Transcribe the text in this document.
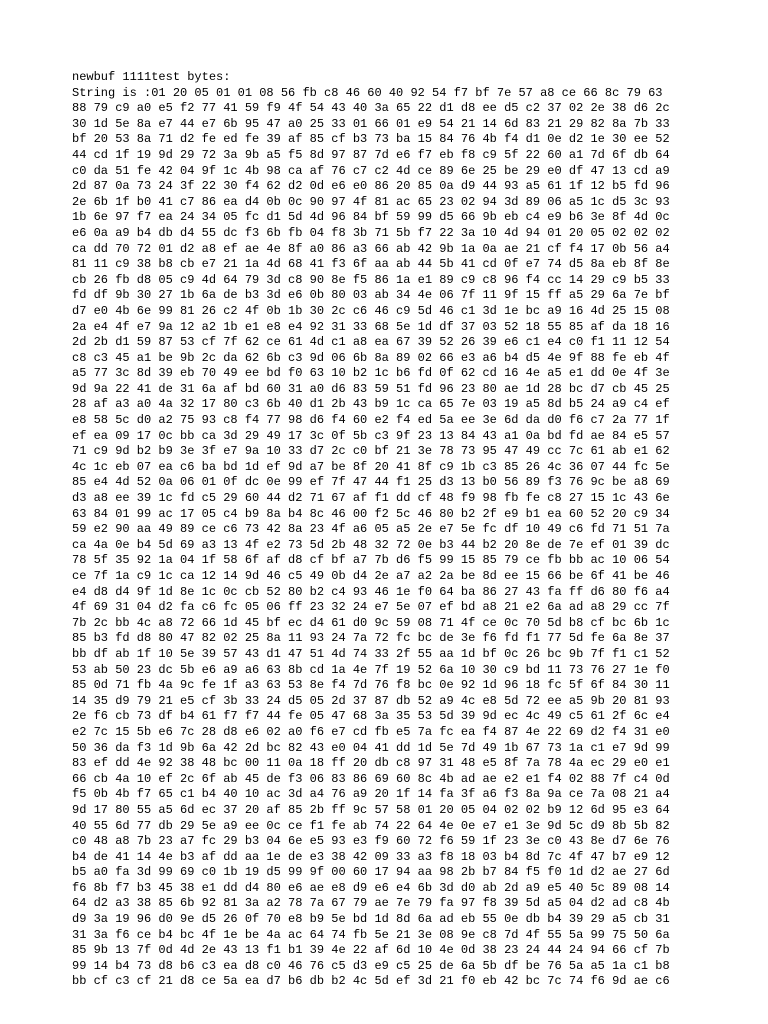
newbuf 1111test bytes:
String is :01 20 05 01 01 08 56 fb c8 46 60 40 92 54 f7 bf 7e 57 a8 ce 66 8c 79 63
88 79 c9 a0 e5 f2 77 41 59 f9 4f 54 43 40 3a 65 22 d1 d8 ee d5 c2 37 02 2e 38 d6 2c
30 1d 5e 8a e7 44 e7 6b 95 47 a0 25 33 01 66 01 e9 54 21 14 6d 83 21 29 82 8a 7b 33
bf 20 53 8a 71 d2 fe ed fe 39 af 85 cf b3 73 ba 15 84 76 4b f4 d1 0e d2 1e 30 ee 52
44 cd 1f 19 9d 29 72 3a 9b a5 f5 8d 97 87 7d e6 f7 eb f8 c9 5f 22 60 a1 7d 6f db 64
c0 da 51 fe 42 04 9f 1c 4b 98 ca af 76 c7 c2 4d ce 89 6e 25 be 29 e0 df 47 13 cd a9
2d 87 0a 73 24 3f 22 30 f4 62 d2 0d e6 e0 86 20 85 0a d9 44 93 a5 61 1f 12 b5 fd 96
2e 6b 1f b0 41 c7 86 ea d4 0b 0c 90 97 4f 81 ac 65 23 02 94 3d 89 06 a5 1c d5 3c 93
1b 6e 97 f7 ea 24 34 05 fc d1 5d 4d 96 84 bf 59 99 d5 66 9b eb c4 e9 b6 3e 8f 4d 0c
e6 0a a9 b4 db d4 55 dc f3 6b fb 04 f8 3b 71 5b f7 22 3a 10 4d 94 01 20 05 02 02 02
ca dd 70 72 01 d2 a8 ef ae 4e 8f a0 86 a3 66 ab 42 9b 1a 0a ae 21 cf f4 17 0b 56 a4
81 11 c9 38 b8 cb e7 21 1a 4d 68 41 f3 6f aa ab 44 5b 41 cd 0f e7 74 d5 8a eb 8f 8e
cb 26 fb d8 05 c9 4d 64 79 3d c8 90 8e f5 86 1a e1 89 c9 c8 96 f4 cc 14 29 c9 b5 33
fd df 9b 30 27 1b 6a de b3 3d e6 0b 80 03 ab 34 4e 06 7f 11 9f 15 ff a5 29 6a 7e bf
d7 e0 4b 6e 99 81 26 c2 4f 0b 1b 30 2c c6 46 c9 5d 46 c1 3d 1e bc a9 16 4d 25 15 08
2a e4 4f e7 9a 12 a2 1b e1 e8 e4 92 31 33 68 5e 1d df 37 03 52 18 55 85 af da 18 16
2d 2b d1 59 87 53 cf 7f 62 ce 61 4d c1 a8 ea 67 39 52 26 39 e6 c1 e4 c0 f1 11 12 54
c8 c3 45 a1 be 9b 2c da 62 6b c3 9d 06 6b 8a 89 02 66 e3 a6 b4 d5 4e 9f 88 fe eb 4f
a5 77 3c 8d 39 eb 70 49 ee bd f0 63 10 b2 1c b6 fd 0f 62 cd 16 4e a5 e1 dd 0e 4f 3e
9d 9a 22 41 de 31 6a af bd 60 31 a0 d6 83 59 51 fd 96 23 80 ae 1d 28 bc d7 cb 45 25
28 af a3 a0 4a 32 17 80 c3 6b 40 d1 2b 43 b9 1c ca 65 7e 03 19 a5 8d b5 24 a9 c4 ef
e8 58 5c d0 a2 75 93 c8 f4 77 98 d6 f4 60 e2 f4 ed 5a ee 3e 6d da d0 f6 c7 2a 77 1f
ef ea 09 17 0c bb ca 3d 29 49 17 3c 0f 5b c3 9f 23 13 84 43 a1 0a bd fd ae 84 e5 57
71 c9 9d b2 b9 3e 3f e7 9a 10 33 d7 2c c0 bf 21 3e 78 73 95 47 49 cc 7c 61 ab e1 62
4c 1c eb 07 ea c6 ba bd 1d ef 9d a7 be 8f 20 41 8f c9 1b c3 85 26 4c 36 07 44 fc 5e
85 e4 4d 52 0a 06 01 0f dc 0e 99 ef 7f 47 44 f1 25 d3 13 b0 56 89 f3 76 9c be a8 69
d3 a8 ee 39 1c fd c5 29 60 44 d2 71 67 af f1 dd cf 48 f9 98 fb fe c8 27 15 1c 43 6e
63 84 01 99 ac 17 05 c4 b9 8a b4 8c 46 00 f2 5c 46 80 b2 2f e9 b1 ea 60 52 20 c9 34
59 e2 90 aa 49 89 ce c6 73 42 8a 23 4f a6 05 a5 2e e7 5e fc df 10 49 c6 fd 71 51 7a
ca 4a 0e b4 5d 69 a3 13 4f e2 73 5d 2b 48 32 72 0e b3 44 b2 20 8e de 7e ef 01 39 dc
78 5f 35 92 1a 04 1f 58 6f af d8 cf bf a7 7b d6 f5 99 15 85 79 ce fb bb ac 10 06 54
ce 7f 1a c9 1c ca 12 14 9d 46 c5 49 0b d4 2e a7 a2 2a be 8d ee 15 66 be 6f 41 be 46
e4 d8 d4 9f 1d 8e 1c 0c cb 52 80 b2 c4 93 46 1e f0 64 ba 86 27 43 fa ff d6 80 f6 a4
4f 69 31 04 d2 fa c6 fc 05 06 ff 23 32 24 e7 5e 07 ef bd a8 21 e2 6a ad a8 29 cc 7f
7b 2c bb 4c a8 72 66 1d 45 bf ec d4 61 d0 9c 59 08 71 4f ce 0c 70 5d b8 cf bc 6b 1c
85 b3 fd d8 80 47 82 02 25 8a 11 93 24 7a 72 fc bc de 3e f6 fd f1 77 5d fe 6a 8e 37
bb df ab 1f 10 5e 39 57 43 d1 47 51 4d 74 33 2f 55 aa 1d bf 0c 26 bc 9b 7f f1 c1 52
53 ab 50 23 dc 5b e6 a9 a6 63 8b cd 1a 4e 7f 19 52 6a 10 30 c9 bd 11 73 76 27 1e f0
85 0d 71 fb 4a 9c fe 1f a3 63 53 8e f4 7d 76 f8 bc 0e 92 1d 96 18 fc 5f 6f 84 30 11
14 35 d9 79 21 e5 cf 3b 33 24 d5 05 2d 37 87 db 52 a9 4c e8 5d 72 ee a5 9b 20 81 93
2e f6 cb 73 df b4 61 f7 f7 44 fe 05 47 68 3a 35 53 5d 39 9d ec 4c 49 c5 61 2f 6c e4
e2 7c 15 5b e6 7c 28 d8 e6 02 a0 f6 e7 cd fb e5 7a fc ea f4 87 4e 22 69 d2 f4 31 e0
50 36 da f3 1d 9b 6a 42 2d bc 82 43 e0 04 41 dd 1d 5e 7d 49 1b 67 73 1a c1 e7 9d 99
83 ef dd 4e 92 38 48 bc 00 11 0a 18 ff 20 db c8 97 31 48 e5 8f 7a 78 4a ec 29 e0 e1
66 cb 4a 10 ef 2c 6f ab 45 de f3 06 83 86 69 60 8c 4b ad ae e2 e1 f4 02 88 7f c4 0d
f5 0b 4b f7 65 c1 b4 40 10 ac 3d a4 76 a9 20 1f 14 fa 3f a6 f3 8a 9a ce 7a 08 21 a4
9d 17 80 55 a5 6d ec 37 20 af 85 2b ff 9c 57 58 01 20 05 04 02 02 b9 12 6d 95 e3 64
40 55 6d 77 db 29 5e a9 ee 0c ce f1 fe ab 74 22 64 4e 0e e7 e1 3e 9d 5c d9 8b 5b 82
c0 48 a8 7b 23 a7 fc 29 b3 04 6e e5 93 e3 f9 60 72 f6 59 1f 23 3e c0 43 8e d7 6e 76
b4 de 41 14 4e b3 af dd aa 1e de e3 38 42 09 33 a3 f8 18 03 b4 8d 7c 4f 47 b7 e9 12
b5 a0 fa 3d 99 69 c0 1b 19 d5 99 9f 00 60 17 94 aa 98 2b b7 84 f5 f0 1d d2 ae 27 6d
f6 8b f7 b3 45 38 e1 dd d4 80 e6 ae e8 d9 e6 e4 6b 3d d0 ab 2d a9 e5 40 5c 89 08 14
64 d2 a3 38 85 6b 92 81 3a a2 78 7a 67 79 ae 7e 79 fa 97 f8 39 5d a5 04 d2 ad c8 4b
d9 3a 19 96 d0 9e d5 26 0f 70 e8 b9 5e bd 1d 8d 6a ad eb 55 0e db b4 39 29 a5 cb 31
31 3a f6 ce b4 bc 4f 1e be 4a ac 64 74 fb 5e 21 3e 08 9e c8 7d 4f 55 5a 99 75 50 6a
85 9b 13 7f 0d 4d 2e 43 13 f1 b1 39 4e 22 af 6d 10 4e 0d 38 23 24 44 24 94 66 cf 7b
99 14 b4 73 d8 b6 c3 ea d8 c0 46 76 c5 d3 e9 c5 25 de 6a 5b df be 76 5a a5 1a c1 b8
bb cf c3 cf 21 d8 ce 5a ea d7 b6 db b2 4c 5d ef 3d 21 f0 eb 42 bc 7c 74 f6 9d ae c6
